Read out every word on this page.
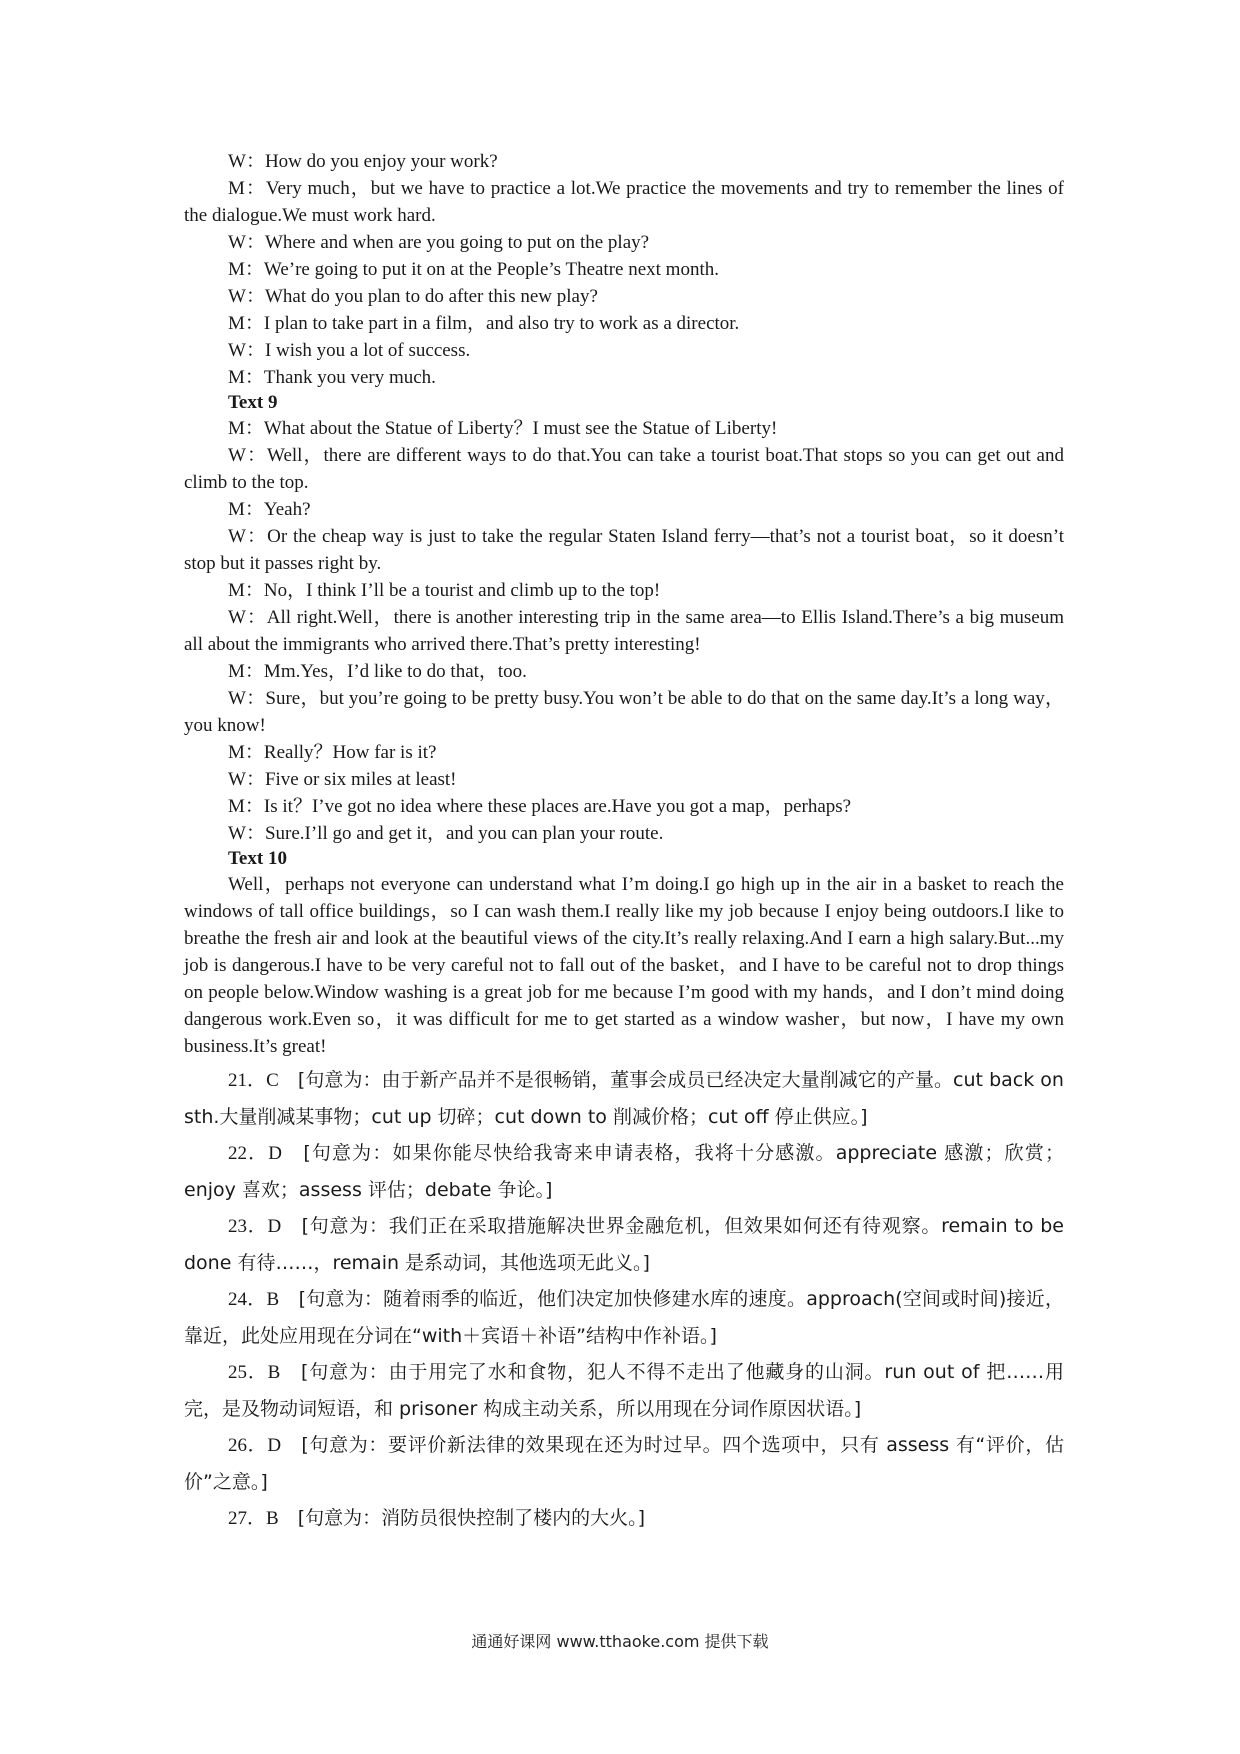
W：How do you enjoy your work?

M：Very much，but we have to practice a lot.We practice the movements and try to remember the lines of the dialogue.We must work hard.

W：Where and when are you going to put on the play?

M：We’re going to put it on at the People’s Theatre next month.

W：What do you plan to do after this new play?

M：I plan to take part in a film，and also try to work as a director.

W：I wish you a lot of success.

M：Thank you very much.

Text 9

M：What about the Statue of Liberty？I must see the Statue of Liberty!

W：Well，there are different ways to do that.You can take a tourist boat.That stops so you can get out and climb to the top.

M：Yeah?

W：Or the cheap way is just to take the regular Staten Island ferry—that’s not a tourist boat，so it doesn’t stop but it passes right by.

M：No，I think I’ll be a tourist and climb up to the top!

W：All right.Well，there is another interesting trip in the same area—to Ellis Island.There’s a big museum all about the immigrants who arrived there.That’s pretty interesting!

M：Mm.Yes，I’d like to do that，too.

W：Sure，but you’re going to be pretty busy.You won’t be able to do that on the same day.It’s a long way，you know!

M：Really？How far is it?

W：Five or six miles at least!

M：Is it？I’ve got no idea where these places are.Have you got a map，perhaps?

W：Sure.I’ll go and get it，and you can plan your route.

Text 10

Well，perhaps not everyone can understand what I’m doing.I go high up in the air in a basket to reach the windows of tall office buildings，so I can wash them.I really like my job because I enjoy being outdoors.I like to breathe the fresh air and look at the beautiful views of the city.It’s really relaxing.And I earn a high salary.But...my job is dangerous.I have to be very careful not to fall out of the basket，and I have to be careful not to drop things on people below.Window washing is a great job for me because I’m good with my hands，and I don’t mind doing dangerous work.Even so，it was difficult for me to get started as a window washer，but now，I have my own business.It’s great!

21．C　 [句意为：由于新产品并不是很畅销，董事会成员已经决定大量削减它的产量。cut back on sth.大量削减某事物；cut up 切碎；cut down to 削减价格；cut off 停止供应。]

22．D　 [句意为：如果你能尽快给我寄来申请表格，我将十分感激。appreciate 感激；欣赏；enjoy 喜欢；assess 评估；debate 争论。]

23．D　 [句意为：我们正在采取措施解决世界金融危机，但效果如何还有待观察。remain to be done 有待……，remain 是系动词，其他选项无此义。]

24．B　 [句意为：随着雨季的临近，他们决定加快修建水库的速度。approach(空间或时间)接近，靠近，此处应用现在分词在“with＋宾语＋补语”结构中作补语。]

25．B　 [句意为：由于用完了水和食物，犯人不得不走出了他藏身的山洞。run out of 把……用完，是及物动词短语，和 prisoner 构成主动关系，所以用现在分词作原因状语。]

26．D　 [句意为：要评价新法律的效果现在还为时过早。四个选项中，只有 assess 有“评价，估价”之意。]

27．B　 [句意为：消防员很快控制了楼内的大火。]

通通好课网 www.tthaoke.com 提供下载
